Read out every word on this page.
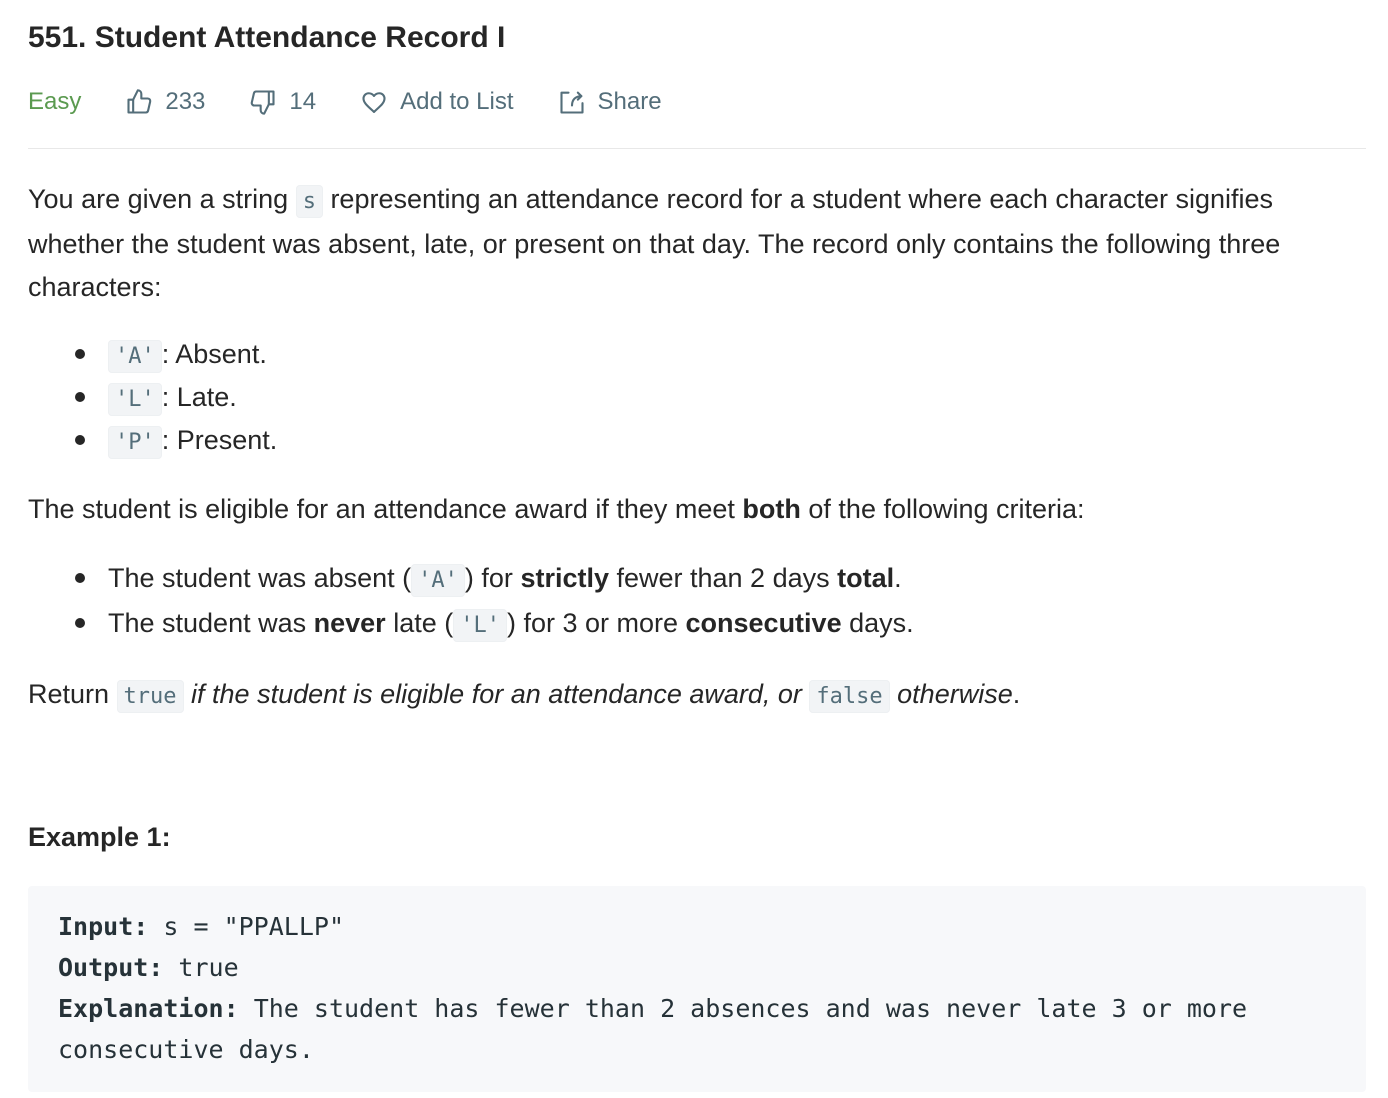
551. Student Attendance Record I
Easy	233	14	Add to List	Share

You are given a string s representing an attendance record for a student where each character signifies whether the student was absent, late, or present on that day. The record only contains the following three characters:

'A' : Absent.
'L' : Late.
'P' : Present.

The student is eligible for an attendance award if they meet both of the following criteria:

The student was absent ( 'A' ) for strictly fewer than 2 days total.
The student was never late ( 'L' ) for 3 or more consecutive days.

Return true if the student is eligible for an attendance award, or false otherwise.

Example 1:

Input: s = "PPALLP"
Output: true
Explanation: The student has fewer than 2 absences and was never late 3 or more consecutive days.
